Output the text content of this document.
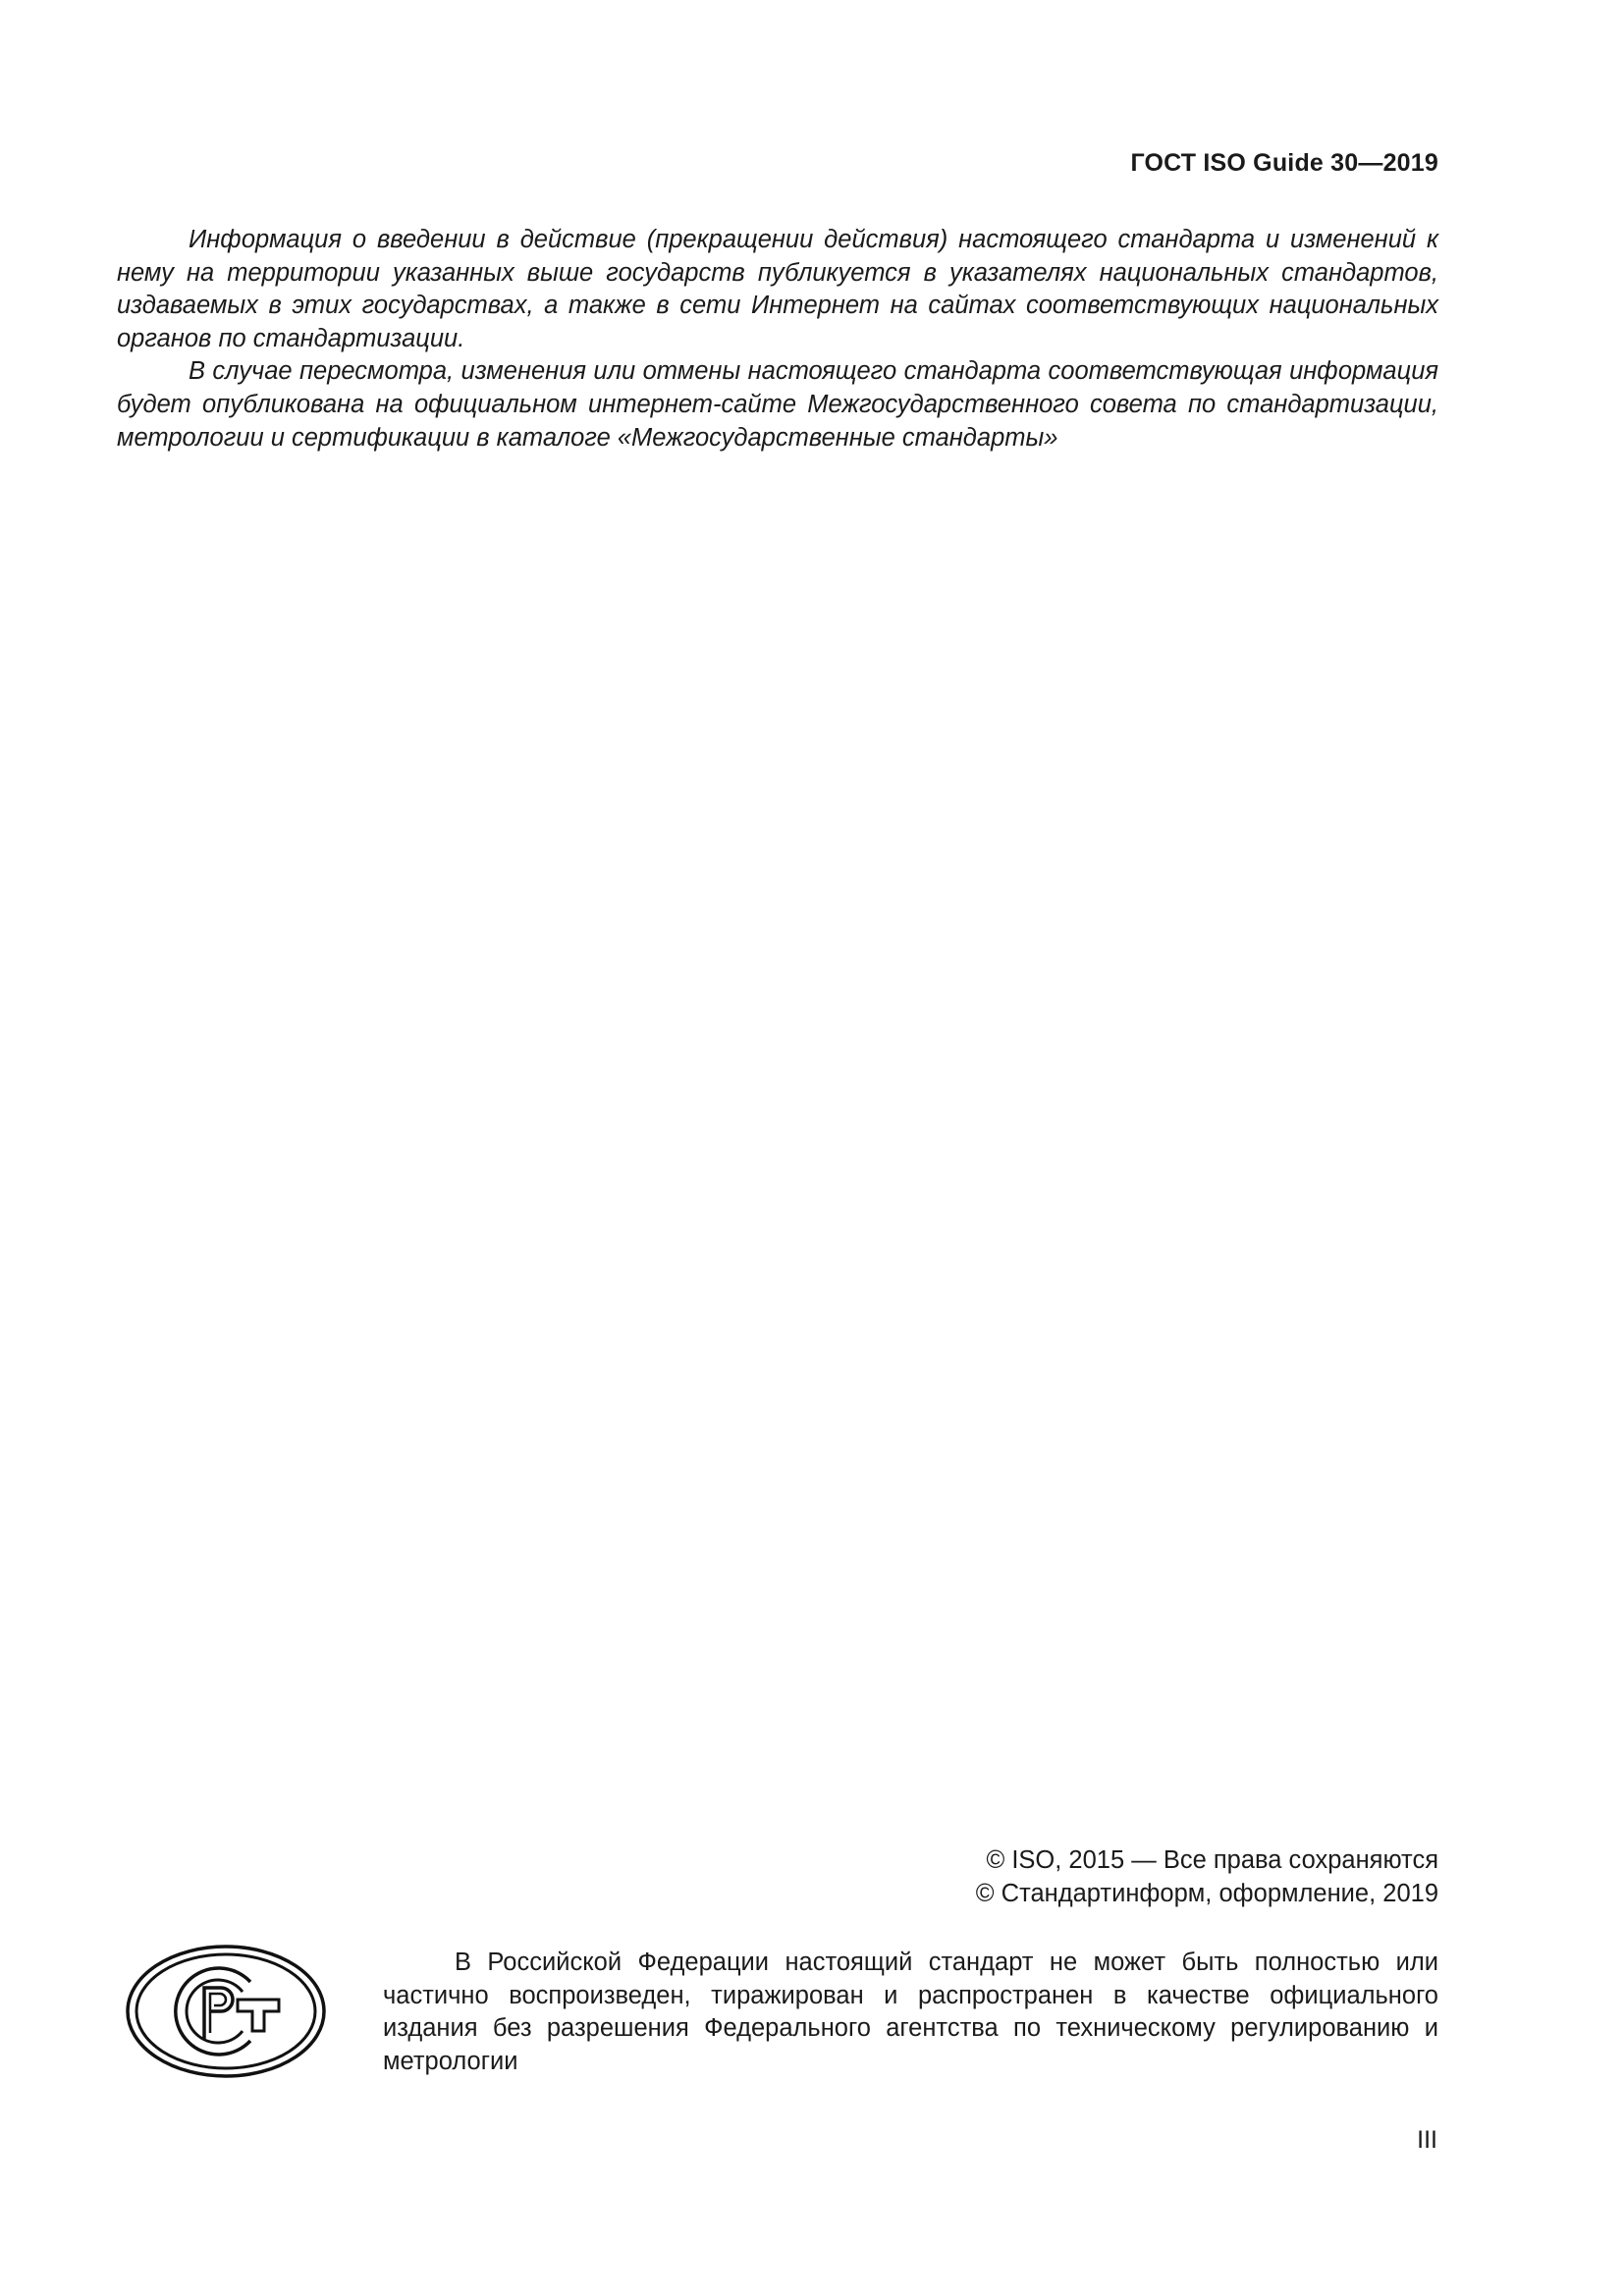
ГОСТ ISO Guide 30—2019

Информация о введении в действие (прекращении действия) настоящего стандарта и изменений к нему на территории указанных выше государств публикуется в указателях национальных стандартов, издаваемых в этих государствах, а также в сети Интернет на сайтах соответствующих национальных органов по стандартизации.

В случае пересмотра, изменения или отмены настоящего стандарта соответствующая информация будет опубликована на официальном интернет-сайте Межгосударственного совета по стандартизации, метрологии и сертификации в каталоге «Межгосударственные стандарты»

© ISO, 2015 — Все права сохраняются
© Стандартинформ, оформление, 2019

В Российской Федерации настоящий стандарт не может быть полностью или частично воспроизведен, тиражирован и распространен в качестве официального издания без разрешения Федерального агентства по техническому регулированию и метрологии

III
